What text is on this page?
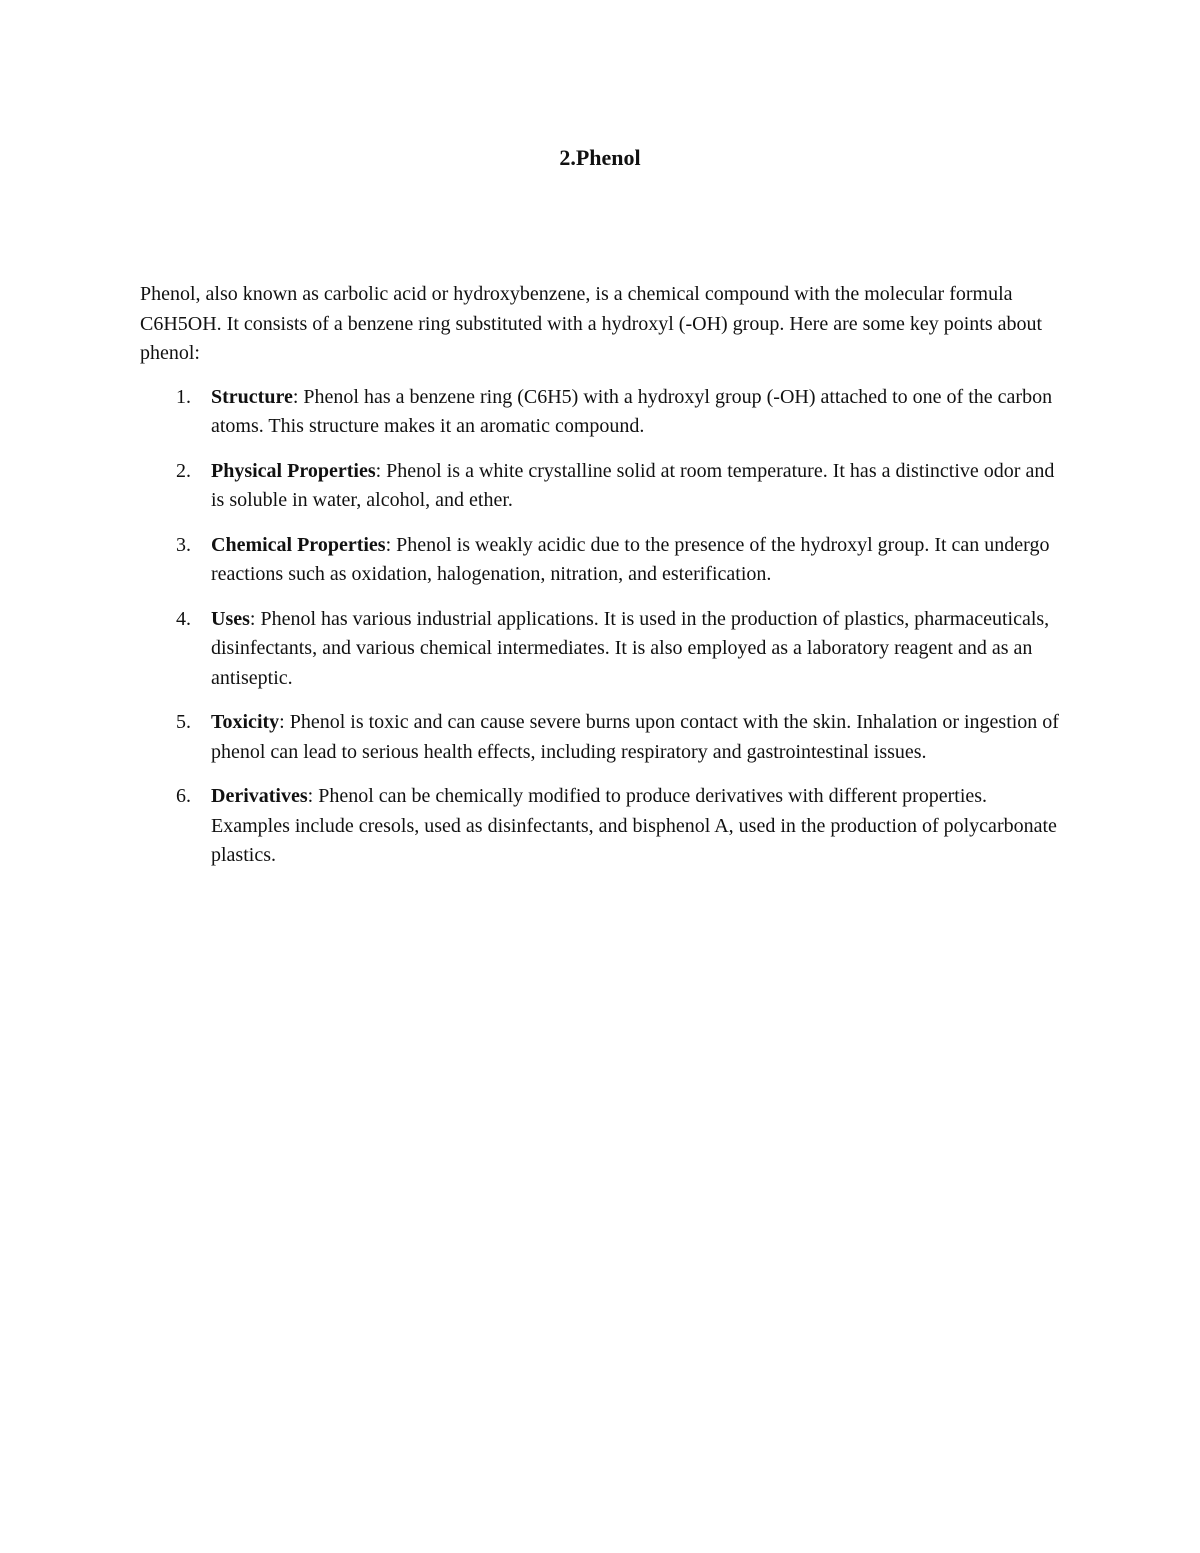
2.Phenol

Phenol, also known as carbolic acid or hydroxybenzene, is a chemical compound with the molecular formula C6H5OH. It consists of a benzene ring substituted with a hydroxyl (-OH) group. Here are some key points about phenol:

1. Structure: Phenol has a benzene ring (C6H5) with a hydroxyl group (-OH) attached to one of the carbon atoms. This structure makes it an aromatic compound.
2. Physical Properties: Phenol is a white crystalline solid at room temperature. It has a distinctive odor and is soluble in water, alcohol, and ether.
3. Chemical Properties: Phenol is weakly acidic due to the presence of the hydroxyl group. It can undergo reactions such as oxidation, halogenation, nitration, and esterification.
4. Uses: Phenol has various industrial applications. It is used in the production of plastics, pharmaceuticals, disinfectants, and various chemical intermediates. It is also employed as a laboratory reagent and as an antiseptic.
5. Toxicity: Phenol is toxic and can cause severe burns upon contact with the skin. Inhalation or ingestion of phenol can lead to serious health effects, including respiratory and gastrointestinal issues.
6. Derivatives: Phenol can be chemically modified to produce derivatives with different properties. Examples include cresols, used as disinfectants, and bisphenol A, used in the production of polycarbonate plastics.
